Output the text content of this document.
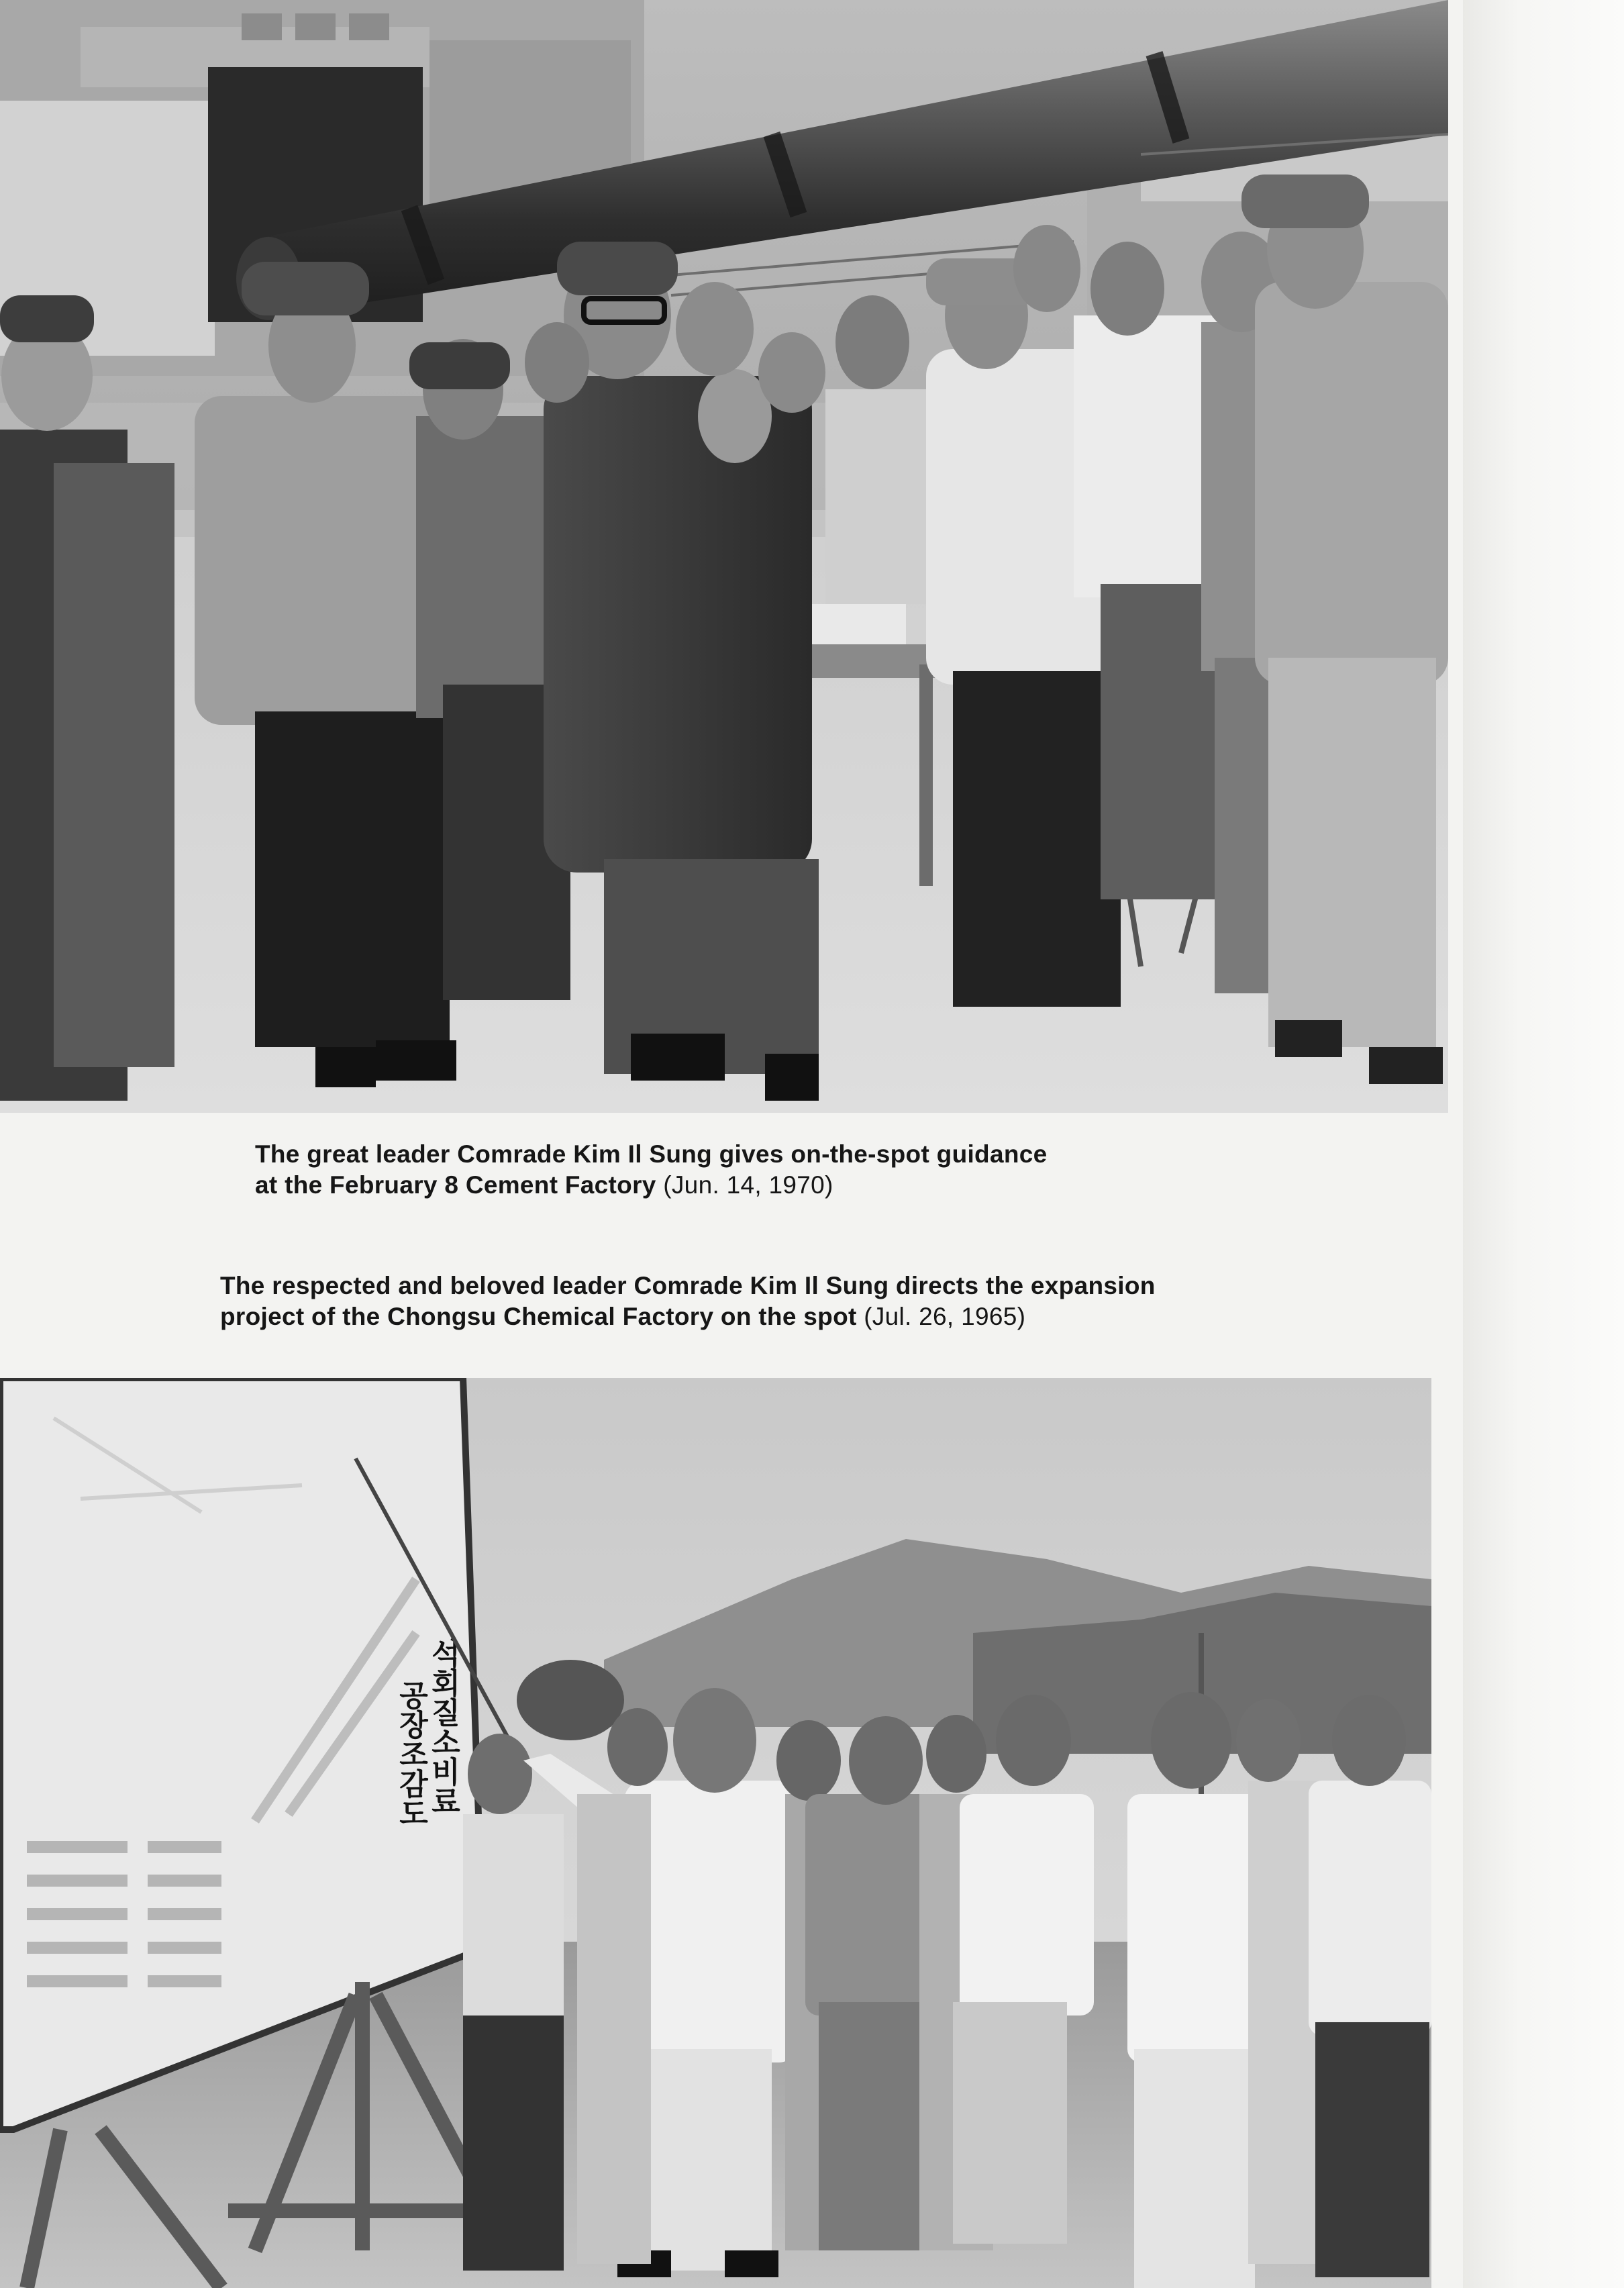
The great leader Comrade Kim Il Sung gives on-the-spot guidance
at the February 8 Cement Factory (Jun. 14, 1970)

The respected and beloved leader Comrade Kim Il Sung directs the expansion
project of the Chongsu Chemical Factory on the spot (Jul. 26, 1965)

석회질소비료
공장조감도
